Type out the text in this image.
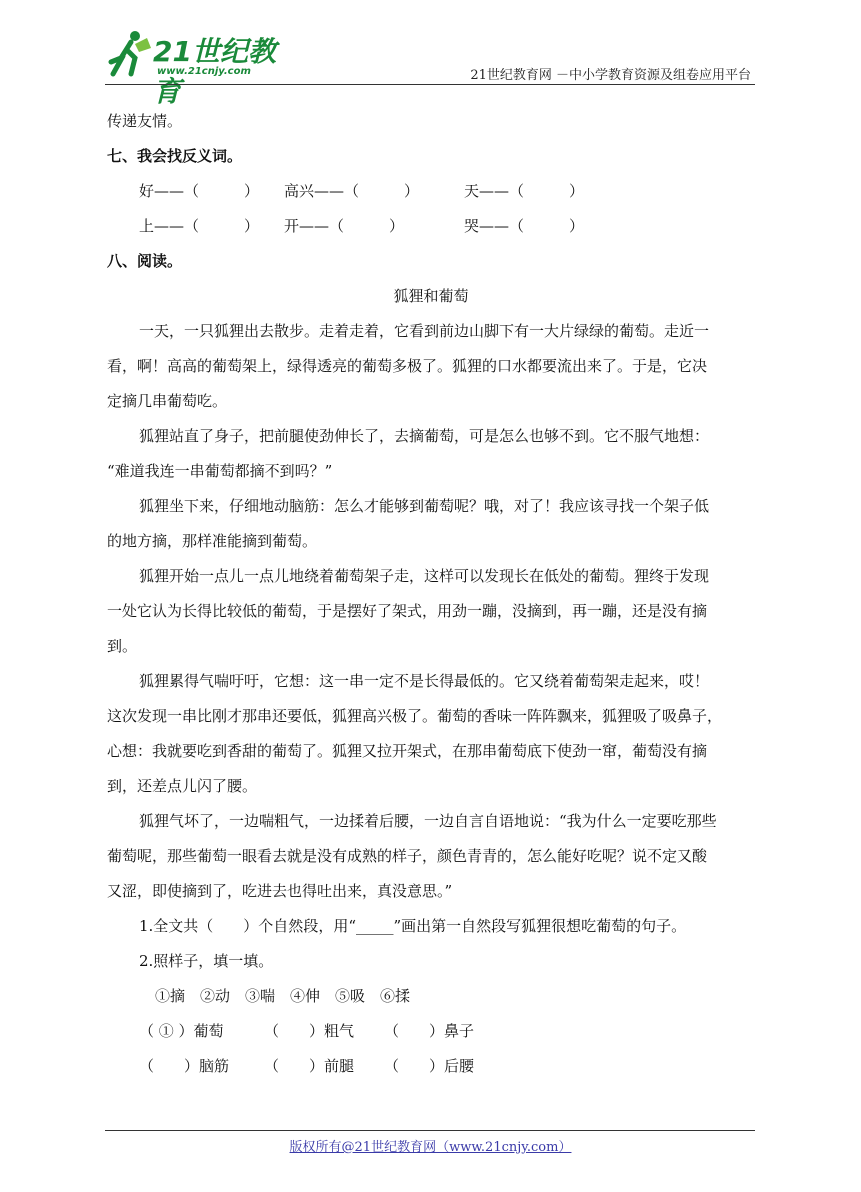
21世纪教育
www.21cnjy.com	21世纪教育网 －中小学教育资源及组卷应用平台
传递友情。
七、我会找反义词。
好——（　　　）	高兴——（　　　）	天——（　　　）
上——（　　　）	开——（　　　）	哭——（　　　）
八、阅读。
狐狸和葡萄
一天，一只狐狸出去散步。走着走着，它看到前边山脚下有一大片绿绿的葡萄。走近一
看，啊！高高的葡萄架上，绿得透亮的葡萄多极了。狐狸的口水都要流出来了。于是，它决
定摘几串葡萄吃。
狐狸站直了身子，把前腿使劲伸长了，去摘葡萄，可是怎么也够不到。它不服气地想：
“难道我连一串葡萄都摘不到吗？”
狐狸坐下来，仔细地动脑筋：怎么才能够到葡萄呢？哦，对了！我应该寻找一个架子低
的地方摘，那样准能摘到葡萄。
狐狸开始一点儿一点儿地绕着葡萄架子走，这样可以发现长在低处的葡萄。狸终于发现
一处它认为长得比较低的葡萄，于是摆好了架式，用劲一蹦，没摘到，再一蹦，还是没有摘
到。
狐狸累得气喘吁吁，它想：这一串一定不是长得最低的。它又绕着葡萄架走起来，哎！
这次发现一串比刚才那串还要低，狐狸高兴极了。葡萄的香味一阵阵飘来，狐狸吸了吸鼻子，
心想：我就要吃到香甜的葡萄了。狐狸又拉开架式，在那串葡萄底下使劲一窜，葡萄没有摘
到，还差点儿闪了腰。
狐狸气坏了，一边喘粗气，一边揉着后腰，一边自言自语地说：“我为什么一定要吃那些
葡萄呢，那些葡萄一眼看去就是没有成熟的样子，颜色青青的，怎么能好吃呢？说不定又酸
又涩，即使摘到了，吃进去也得吐出来，真没意思。”
1.全文共（　　）个自然段，用“_____”画出第一自然段写狐狸很想吃葡萄的句子。
2.照样子，填一填。
①摘　②动　③喘　④伸　⑤吸　⑥揉
（ ① ）葡萄	（　　）粗气	（　　）鼻子
（　　）脑筋	（　　）前腿	（　　）后腰
版权所有@21世纪教育网（www.21cnjy.com）
